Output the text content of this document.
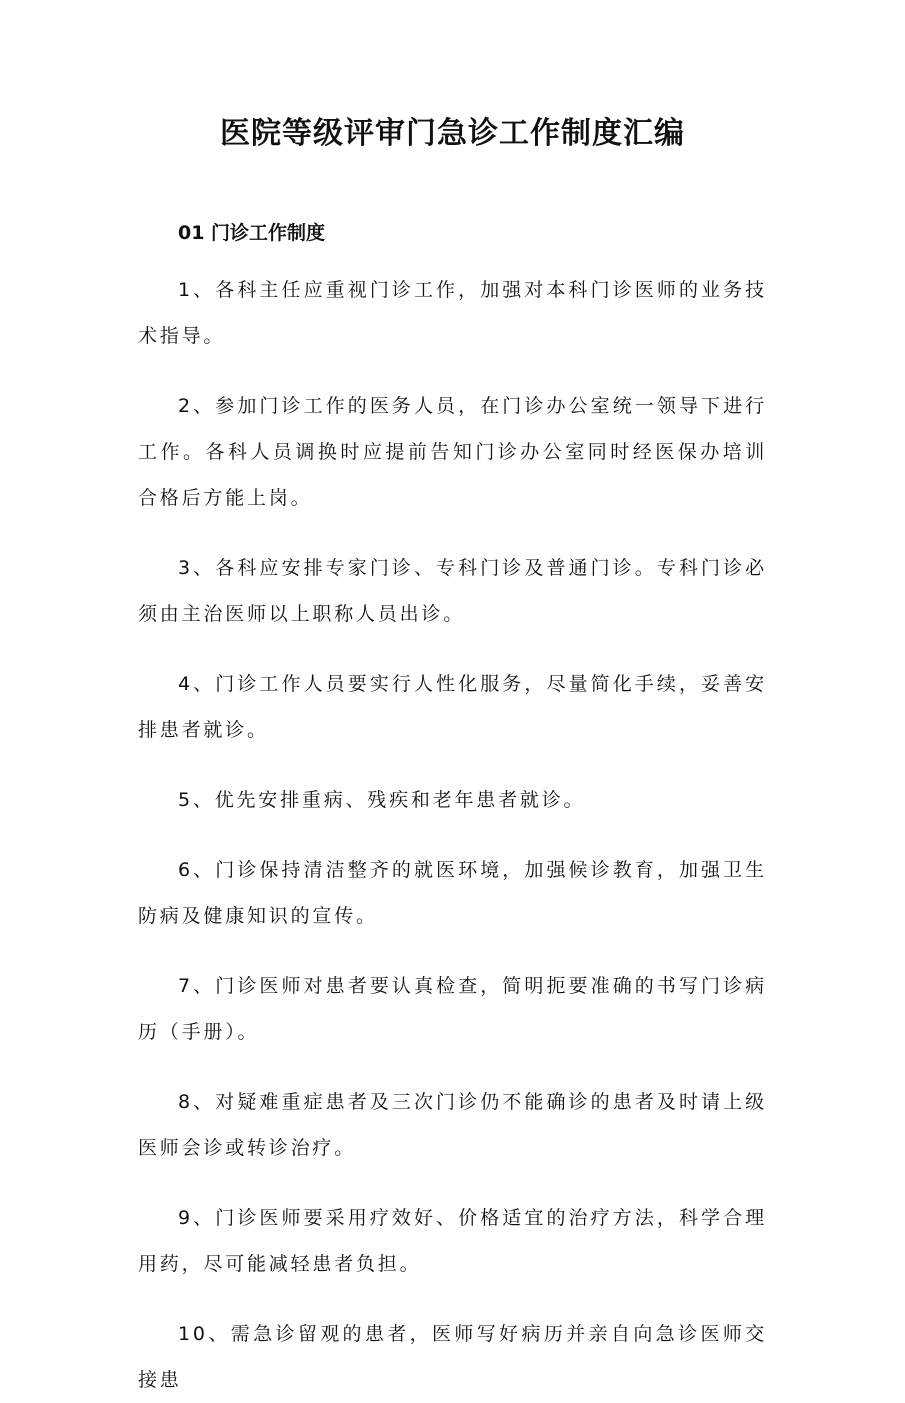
医院等级评审门急诊工作制度汇编
01 门诊工作制度

1、各科主任应重视门诊工作，加强对本科门诊医师的业务技术指导。

2、参加门诊工作的医务人员，在门诊办公室统一领导下进行工作。各科人员调换时应提前告知门诊办公室同时经医保办培训合格后方能上岗。

3、各科应安排专家门诊、专科门诊及普通门诊。专科门诊必须由主治医师以上职称人员出诊。

4、门诊工作人员要实行人性化服务，尽量简化手续，妥善安排患者就诊。

5、优先安排重病、残疾和老年患者就诊。

6、门诊保持清洁整齐的就医环境，加强候诊教育，加强卫生防病及健康知识的宣传。

7、门诊医师对患者要认真检查，简明扼要准确的书写门诊病历（手册）。

8、对疑难重症患者及三次门诊仍不能确诊的患者及时请上级医师会诊或转诊治疗。

9、门诊医师要采用疗效好、价格适宜的治疗方法，科学合理用药，尽可能减轻患者负担。

10、需急诊留观的患者，医师写好病历并亲自向急诊医师交接患
